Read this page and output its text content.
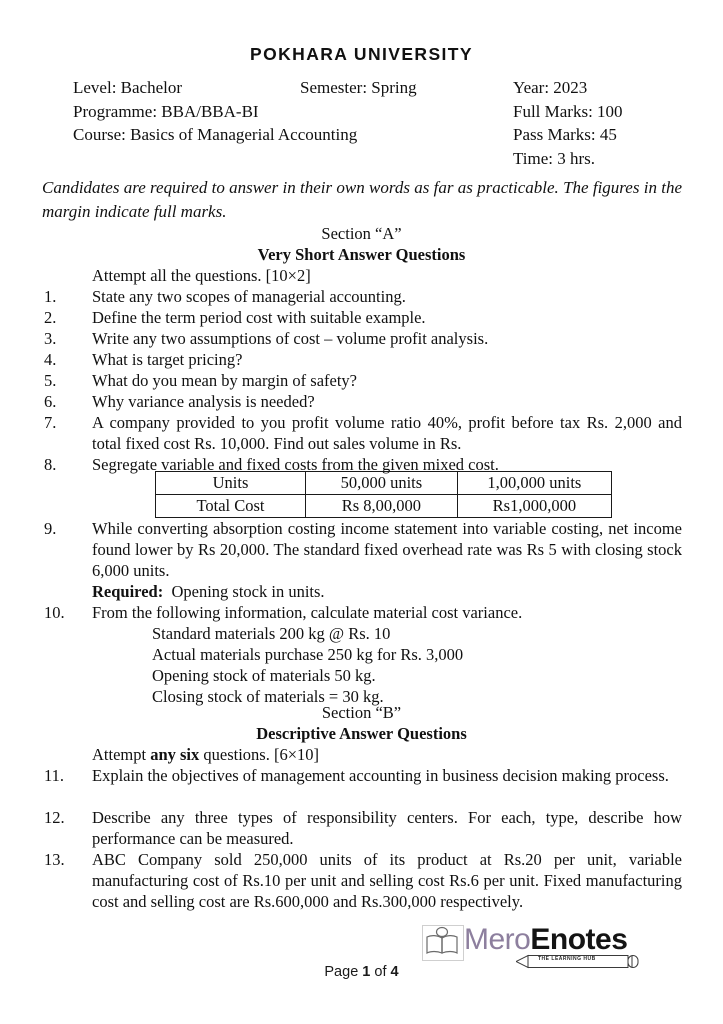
POKHARA UNIVERSITY
Level: Bachelor	Semester: Spring	Year: 2023
Programme: BBA/BBA-BI	Full Marks: 100
Course: Basics of Managerial Accounting	Pass Marks: 45
Time: 3 hrs.
Candidates are required to answer in their own words as far as practicable. The figures in the margin indicate full marks.
Section “A”
Very Short Answer Questions
Attempt all the questions. [10×2]
1.	State any two scopes of managerial accounting.
2.	Define the term period cost with suitable example.
3.	Write any two assumptions of cost – volume profit analysis.
4.	What is target pricing?
5.	What do you mean by margin of safety?
6.	Why variance analysis is needed?
7.	A company provided to you profit volume ratio 40%, profit before tax Rs. 2,000 and total fixed cost Rs. 10,000. Find out sales volume in Rs.
8.	Segregate variable and fixed costs from the given mixed cost.
Units	50,000 units	1,00,000 units
Total Cost	Rs 8,00,000	Rs1,000,000
9.	While converting absorption costing income statement into variable costing, net income found lower by Rs 20,000. The standard fixed overhead rate was Rs 5 with closing stock 6,000 units.
Required: Opening stock in units.
10.	From the following information, calculate material cost variance.
Standard materials 200 kg @ Rs. 10
Actual materials purchase 250 kg for Rs. 3,000
Opening stock of materials 50 kg.
Closing stock of materials = 30 kg.
Section “B”
Descriptive Answer Questions
Attempt any six questions. [6×10]
11.	Explain the objectives of management accounting in business decision making process.
12.	Describe any three types of responsibility centers. For each, type, describe how performance can be measured.
13.	ABC Company sold 250,000 units of its product at Rs.20 per unit, variable manufacturing cost of Rs.10 per unit and selling cost Rs.6 per unit. Fixed manufacturing cost and selling cost are Rs.600,000 and Rs.300,000 respectively.
MeroEnotes
THE LEARNING HUB
Page 1 of 4
